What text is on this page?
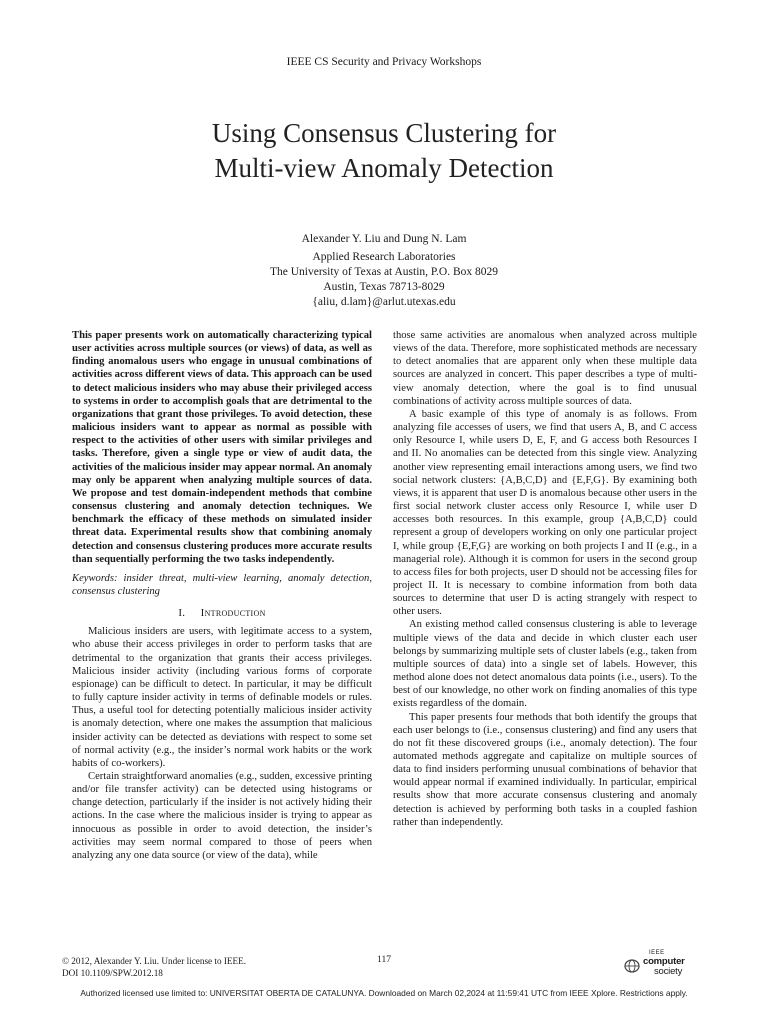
IEEE CS Security and Privacy Workshops
Using Consensus Clustering for
Multi-view Anomaly Detection
Alexander Y. Liu and Dung N. Lam
Applied Research Laboratories
The University of Texas at Austin, P.O. Box 8029
Austin, Texas 78713-8029
{aliu, d.lam}@arlut.utexas.edu

This paper presents work on automatically characterizing typical user activities across multiple sources (or views) of data, as well as finding anomalous users who engage in unusual combinations of activities across different views of data. This approach can be used to detect malicious insiders who may abuse their privileged access to systems in order to accomplish goals that are detrimental to the organizations that grant those privileges. To avoid detection, these malicious insiders want to appear as normal as possible with respect to the activities of other users with similar privileges and tasks. Therefore, given a single type or view of audit data, the activities of the malicious insider may appear normal. An anomaly may only be apparent when analyzing multiple sources of data. We propose and test domain-independent methods that combine consensus clustering and anomaly detection techniques. We benchmark the efficacy of these methods on simulated insider threat data. Experimental results show that combining anomaly detection and consensus clustering produces more accurate results than sequentially performing the two tasks independently.

Keywords: insider threat, multi-view learning, anomaly detection, consensus clustering

I. Introduction

Malicious insiders are users, with legitimate access to a system, who abuse their access privileges in order to perform tasks that are detrimental to the organization that grants their access privileges. Malicious insider activity (including various forms of corporate espionage) can be difficult to detect. In particular, it may be difficult to fully capture insider activity in terms of definable models or rules. Thus, a useful tool for detecting potentially malicious insider activity is anomaly detection, where one makes the assumption that malicious insider activity can be detected as deviations with respect to some set of normal activity (e.g., the insider’s normal work habits or the work habits of co-workers).

Certain straightforward anomalies (e.g., sudden, excessive printing and/or file transfer activity) can be detected using histograms or change detection, particularly if the insider is not actively hiding their actions. In the case where the malicious insider is trying to appear as innocuous as possible in order to avoid detection, the insider’s activities may seem normal compared to those of peers when analyzing any one data source (or view of the data), while

those same activities are anomalous when analyzed across multiple views of the data. Therefore, more sophisticated methods are necessary to detect anomalies that are apparent only when these multiple data sources are analyzed in concert. This paper describes a type of multi-view anomaly detection, where the goal is to find unusual combinations of activity across multiple sources of data.

A basic example of this type of anomaly is as follows. From analyzing file accesses of users, we find that users A, B, and C access only Resource I, while users D, E, F, and G access both Resources I and II. No anomalies can be detected from this single view. Analyzing another view representing email interactions among users, we find two social network clusters: {A,B,C,D} and {E,F,G}. By examining both views, it is apparent that user D is anomalous because other users in the first social network cluster access only Resource I, while user D accesses both resources. In this example, group {A,B,C,D} could represent a group of developers working on only one particular project I, while group {E,F,G} are working on both projects I and II (e.g., in a managerial role). Although it is common for users in the second group to access files for both projects, user D should not be accessing files for project II. It is necessary to combine information from both data sources to determine that user D is acting strangely with respect to other users.

An existing method called consensus clustering is able to leverage multiple views of the data and decide in which cluster each user belongs by summarizing multiple sets of cluster labels (e.g., taken from multiple sources of data) into a single set of labels. However, this method alone does not detect anomalous data points (i.e., users). To the best of our knowledge, no other work on finding anomalies of this type exists regardless of the domain.

This paper presents four methods that both identify the groups that each user belongs to (i.e., consensus clustering) and find any users that do not fit these discovered groups (i.e., anomaly detection). The four automated methods aggregate and capitalize on multiple sources of data to find insiders performing unusual combinations of behavior that would appear normal if examined individually. In particular, empirical results show that more accurate consensus clustering and anomaly detection is achieved by performing both tasks in a coupled fashion rather than independently.

© 2012, Alexander Y. Liu. Under license to IEEE.
DOI 10.1109/SPW.2012.18
117
IEEE
computer
society
Authorized licensed use limited to: UNIVERSITAT OBERTA DE CATALUNYA. Downloaded on March 02,2024 at 11:59:41 UTC from IEEE Xplore. Restrictions apply.
